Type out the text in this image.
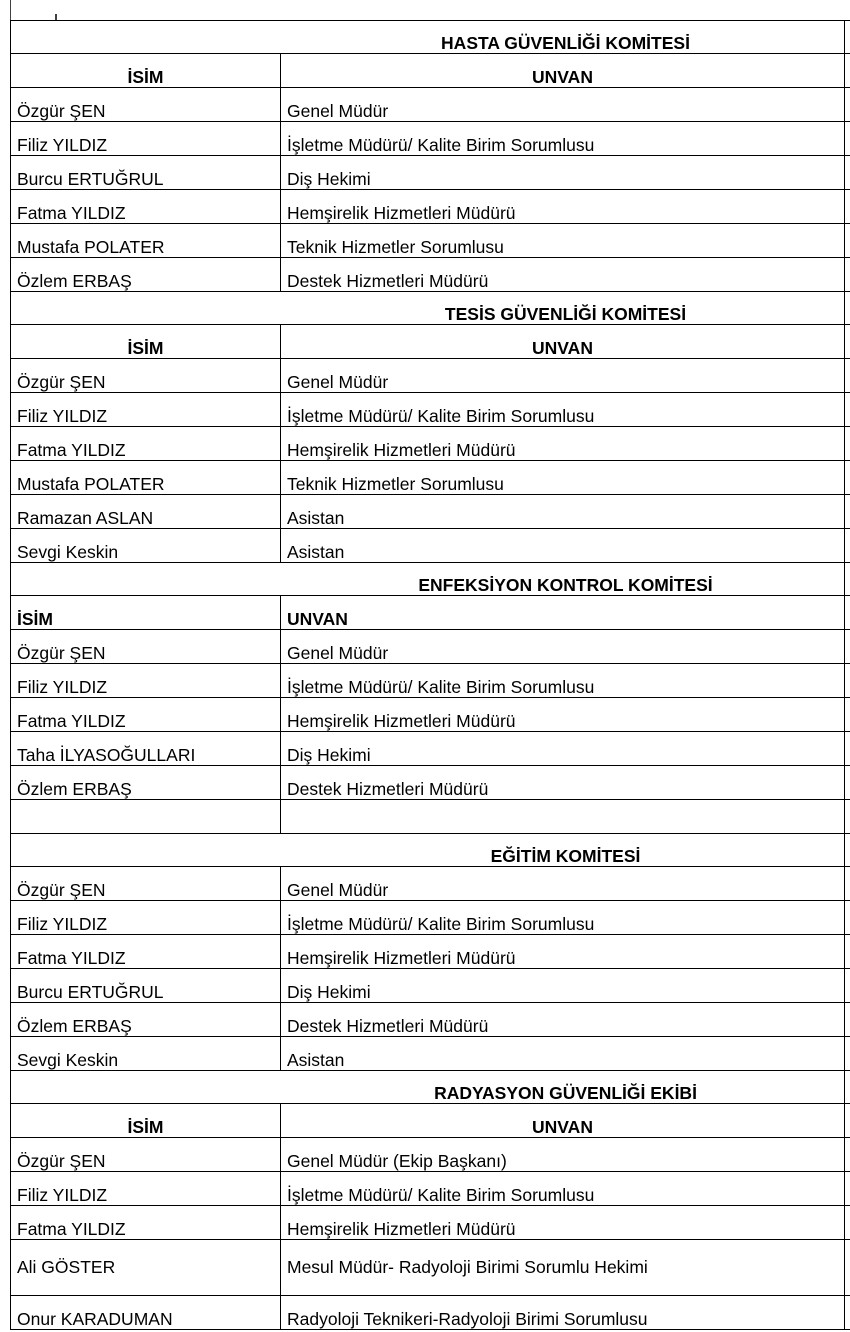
HASTA GÜVENLİĞİ KOMİTESİ		
İSİM	UNVAN	
Özgür ŞEN	Genel Müdür	
Filiz YILDIZ	İşletme Müdürü/ Kalite Birim Sorumlusu	
Burcu ERTUĞRUL	Diş Hekimi	
Fatma YILDIZ	Hemşirelik Hizmetleri Müdürü	
Mustafa POLATER	Teknik Hizmetler Sorumlusu	
Özlem ERBAŞ	Destek Hizmetleri Müdürü	
TESİS GÜVENLİĞİ KOMİTESİ		
İSİM	UNVAN	
Özgür ŞEN	Genel Müdür	
Filiz YILDIZ	İşletme Müdürü/ Kalite Birim Sorumlusu	
Fatma YILDIZ	Hemşirelik Hizmetleri Müdürü	
Mustafa POLATER	Teknik Hizmetler Sorumlusu	
Ramazan ASLAN	Asistan	
Sevgi Keskin	Asistan	
ENFEKSİYON KONTROL KOMİTESİ		
İSİM	UNVAN	
Özgür ŞEN	Genel Müdür	
Filiz YILDIZ	İşletme Müdürü/ Kalite Birim Sorumlusu	
Fatma YILDIZ	Hemşirelik Hizmetleri Müdürü	
Taha İLYASOĞULLARI	Diş Hekimi	
Özlem ERBAŞ	Destek Hizmetleri Müdürü	

EĞİTİM KOMİTESİ		
Özgür ŞEN	Genel Müdür	
Filiz YILDIZ	İşletme Müdürü/ Kalite Birim Sorumlusu	
Fatma YILDIZ	Hemşirelik Hizmetleri Müdürü	
Burcu ERTUĞRUL	Diş Hekimi	
Özlem ERBAŞ	Destek Hizmetleri Müdürü	
Sevgi Keskin	Asistan	
RADYASYON GÜVENLİĞİ EKİBİ		
İSİM	UNVAN	
Özgür ŞEN	Genel Müdür (Ekip Başkanı)	
Filiz YILDIZ	İşletme Müdürü/ Kalite Birim Sorumlusu	
Fatma YILDIZ	Hemşirelik Hizmetleri Müdürü	
Ali GÖSTER	Mesul Müdür- Radyoloji Birimi Sorumlu Hekimi	
Onur KARADUMAN	Radyoloji Teknikeri-Radyoloji Birimi Sorumlusu	
